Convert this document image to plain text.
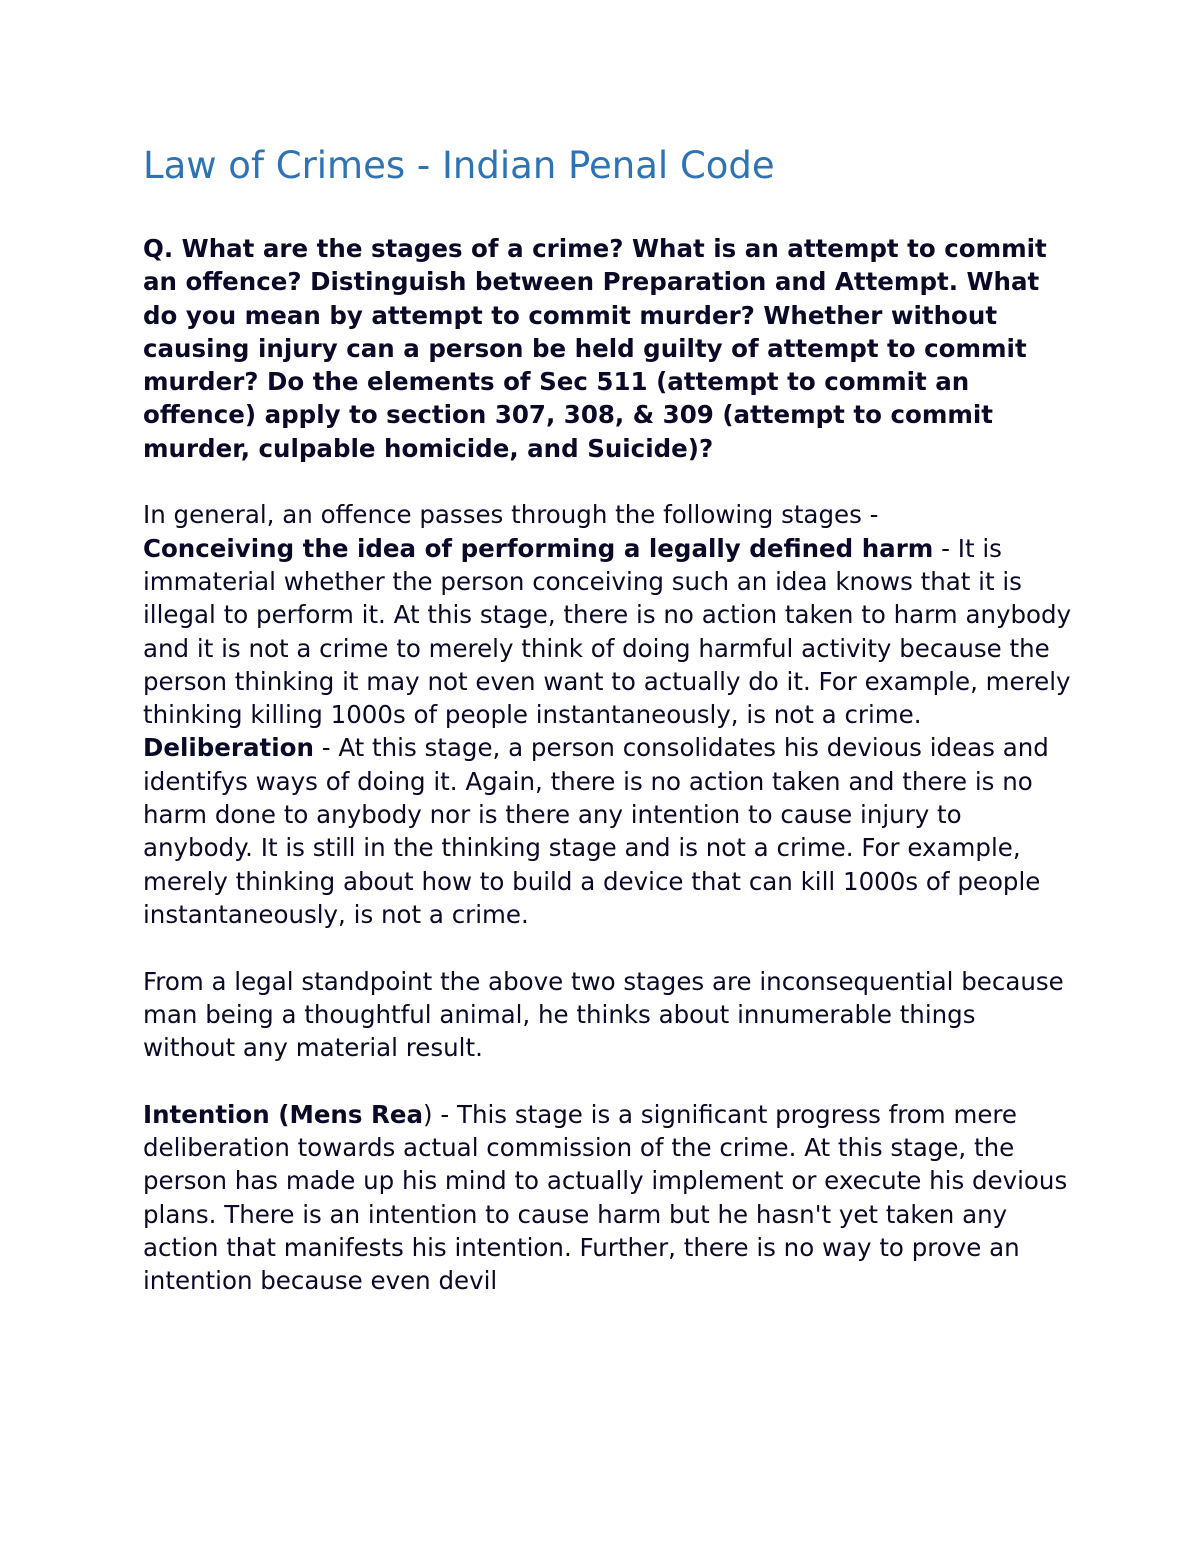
Law of Crimes - Indian Penal Code

Q. What are the stages of a crime? What is an attempt to commit an offence? Distinguish between Preparation and Attempt. What do you mean by attempt to commit murder? Whether without causing injury can a person be held guilty of attempt to commit murder? Do the elements of Sec 511 (attempt to commit an offence) apply to section 307, 308, & 309 (attempt to commit murder, culpable homicide, and Suicide)?

In general, an offence passes through the following stages -

Conceiving the idea of performing a legally defined harm - It is immaterial whether the person conceiving such an idea knows that it is illegal to perform it. At this stage, there is no action taken to harm anybody and it is not a crime to merely think of doing harmful activity because the person thinking it may not even want to actually do it. For example, merely thinking killing 1000s of people instantaneously, is not a crime.

Deliberation - At this stage, a person consolidates his devious ideas and identifys ways of doing it. Again, there is no action taken and there is no harm done to anybody nor is there any intention to cause injury to anybody. It is still in the thinking stage and is not a crime. For example, merely thinking about how to build a device that can kill 1000s of people instantaneously, is not a crime.

From a legal standpoint the above two stages are inconsequential because man being a thoughtful animal, he thinks about innumerable things without any material result.

Intention (Mens Rea) - This stage is a significant progress from mere deliberation towards actual commission of the crime. At this stage, the person has made up his mind to actually implement or execute his devious plans. There is an intention to cause harm but he hasn't yet taken any action that manifests his intention. Further, there is no way to prove an intention because even devil
